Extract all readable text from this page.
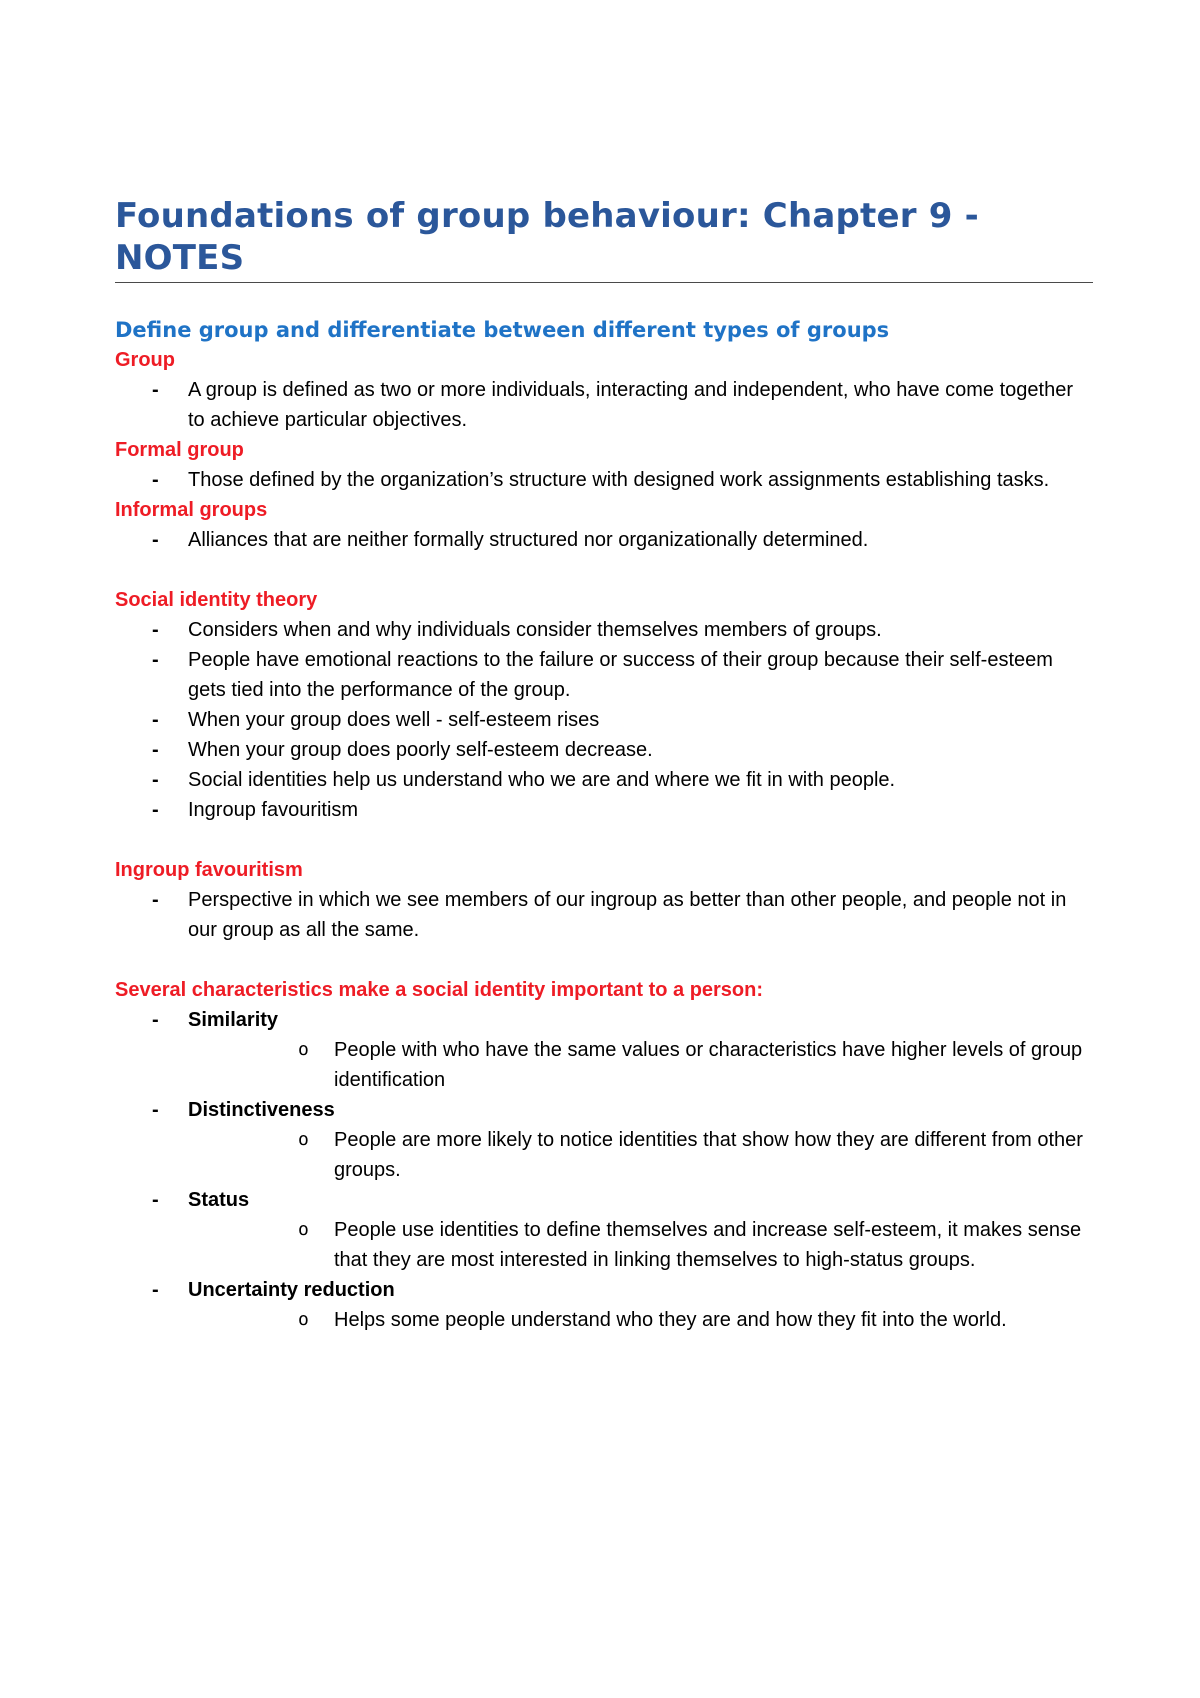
Foundations of group behaviour: Chapter 9 - NOTES
Define group and differentiate between different types of groups
Group
- A group is defined as two or more individuals, interacting and independent, who have come together to achieve particular objectives.
Formal group
- Those defined by the organization’s structure with designed work assignments establishing tasks.
Informal groups
- Alliances that are neither formally structured nor organizationally determined.
Social identity theory
- Considers when and why individuals consider themselves members of groups.
- People have emotional reactions to the failure or success of their group because their self-esteem gets tied into the performance of the group.
- When your group does well - self-esteem rises
- When your group does poorly self-esteem decrease.
- Social identities help us understand who we are and where we fit in with people.
- Ingroup favouritism
Ingroup favouritism
- Perspective in which we see members of our ingroup as better than other people, and people not in our group as all the same.
Several characteristics make a social identity important to a person:
- Similarity
o People with who have the same values or characteristics have higher levels of group identification
- Distinctiveness
o People are more likely to notice identities that show how they are different from other groups.
- Status
o People use identities to define themselves and increase self-esteem, it makes sense that they are most interested in linking themselves to high-status groups.
- Uncertainty reduction
o Helps some people understand who they are and how they fit into the world.
